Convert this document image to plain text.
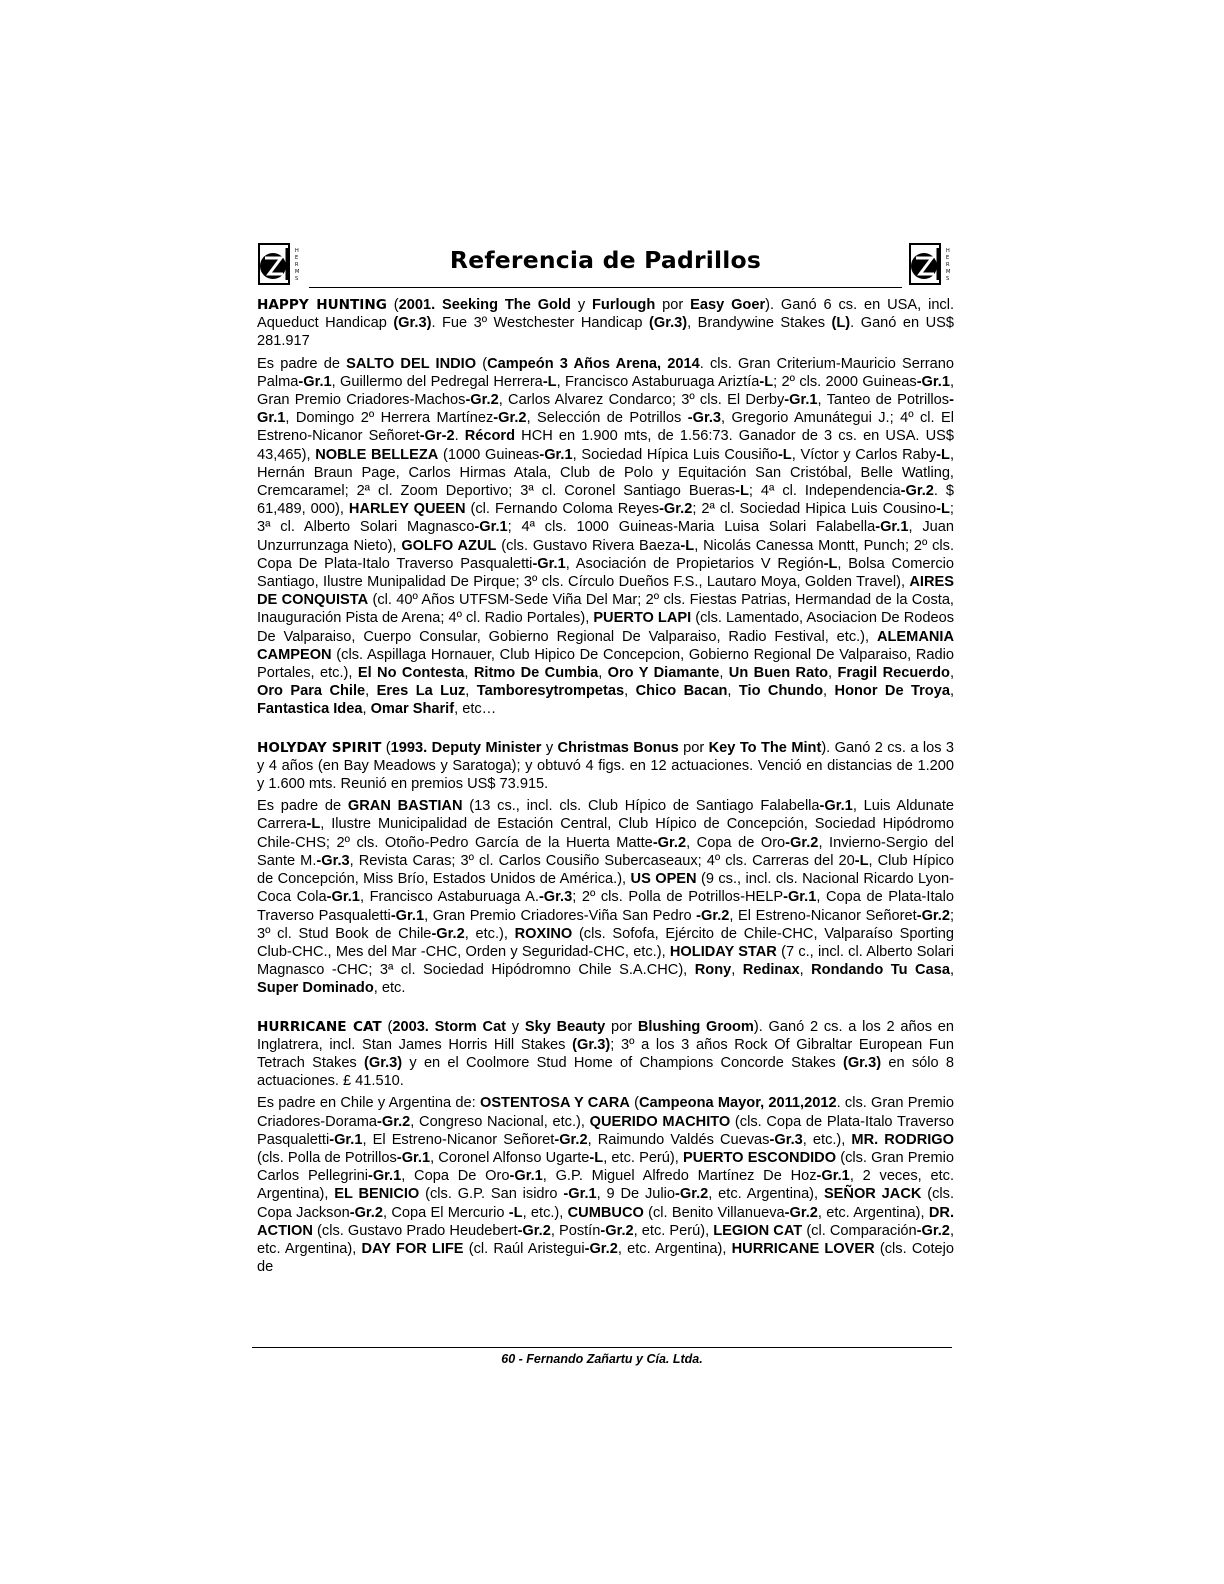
H
E
R
M
S
Referencia de Padrillos	H
E
R
M
S

HAPPY HUNTING (2001. Seeking The Gold y Furlough por Easy Goer). Ganó 6 cs. en USA, incl. Aqueduct Handicap (Gr.3). Fue 3º Westchester Handicap (Gr.3), Brandywine Stakes (L). Ganó en US$ 281.917

Es padre de SALTO DEL INDIO (Campeón 3 Años Arena, 2014. cls. Gran Criterium-Mauricio Serrano Palma-Gr.1, Guillermo del Pedregal Herrera-L, Francisco Astaburuaga Ariztía-L; 2º cls. 2000 Guineas-Gr.1, Gran Premio Criadores-Machos-Gr.2, Carlos Alvarez Condarco; 3º cls. El Derby-Gr.1, Tanteo de Potrillos-Gr.1, Domingo 2º Herrera Martínez-Gr.2, Selección de Potrillos -Gr.3, Gregorio Amunátegui J.; 4º cl. El Estreno-Nicanor Señoret-Gr-2. Récord HCH en 1.900 mts, de 1.56:73. Ganador de 3 cs. en USA. US$ 43,465), NOBLE BELLEZA (1000 Guineas-Gr.1, Sociedad Hípica Luis Cousiño-L, Víctor y Carlos Raby-L, Hernán Braun Page, Carlos Hirmas Atala, Club de Polo y Equitación San Cristóbal, Belle Watling, Cremcaramel; 2ª cl. Zoom Deportivo; 3ª cl. Coronel Santiago Bueras-L; 4ª cl. Independencia-Gr.2. $ 61,489, 000), HARLEY QUEEN (cl. Fernando Coloma Reyes-Gr.2; 2ª cl. Sociedad Hipica Luis Cousino-L; 3ª cl. Alberto Solari Magnasco-Gr.1; 4ª cls. 1000 Guineas-Maria Luisa Solari Falabella-Gr.1, Juan Unzurrunzaga Nieto), GOLFO AZUL (cls. Gustavo Rivera Baeza-L, Nicolás Canessa Montt, Punch; 2º cls. Copa De Plata-Italo Traverso Pasqualetti-Gr.1, Asociación de Propietarios V Región-L, Bolsa Comercio Santiago, Ilustre Munipalidad De Pirque; 3º cls. Círculo Dueños F.S., Lautaro Moya, Golden Travel), AIRES DE CONQUISTA (cl. 40º Años UTFSM-Sede Viña Del Mar; 2º cls. Fiestas Patrias, Hermandad de la Costa, Inauguración Pista de Arena; 4º cl. Radio Portales), PUERTO LAPI (cls. Lamentado, Asociacion De Rodeos De Valparaiso, Cuerpo Consular, Gobierno Regional De Valparaiso, Radio Festival, etc.), ALEMANIA CAMPEON (cls. Aspillaga Hornauer, Club Hipico De Concepcion, Gobierno Regional De Valparaiso, Radio Portales, etc.), El No Contesta, Ritmo De Cumbia, Oro Y Diamante, Un Buen Rato, Fragil Recuerdo, Oro Para Chile, Eres La Luz, Tamboresytrompetas, Chico Bacan, Tio Chundo, Honor De Troya, Fantastica Idea, Omar Sharif, etc…

HOLYDAY SPIRIT (1993. Deputy Minister y Christmas Bonus por Key To The Mint). Ganó 2 cs. a los 3 y 4 años (en Bay Meadows y Saratoga); y obtuvó 4 figs. en 12 actuaciones. Venció en distancias de 1.200 y 1.600 mts. Reunió en premios US$ 73.915.

Es padre de GRAN BASTIAN (13 cs., incl. cls. Club Hípico de Santiago Falabella-Gr.1, Luis Aldunate Carrera-L, Ilustre Municipalidad de Estación Central, Club Hípico de Concepción, Sociedad Hipódromo Chile-CHS; 2º cls. Otoño-Pedro García de la Huerta Matte-Gr.2, Copa de Oro-Gr.2, Invierno-Sergio del Sante M.-Gr.3, Revista Caras; 3º cl. Carlos Cousiño Subercaseaux; 4º cls. Carreras del 20-L, Club Hípico de Concepción, Miss Brío, Estados Unidos de América.), US OPEN (9 cs., incl. cls. Nacional Ricardo Lyon-Coca Cola-Gr.1, Francisco Astaburuaga A.-Gr.3; 2º cls. Polla de Potrillos-HELP-Gr.1, Copa de Plata-Italo Traverso Pasqualetti-Gr.1, Gran Premio Criadores-Viña San Pedro -Gr.2, El Estreno-Nicanor Señoret-Gr.2; 3º cl. Stud Book de Chile-Gr.2, etc.), ROXINO (cls. Sofofa, Ejército de Chile-CHC, Valparaíso Sporting Club-CHC., Mes del Mar -CHC, Orden y Seguridad-CHC, etc.), HOLIDAY STAR (7 c., incl. cl. Alberto Solari Magnasco -CHC; 3ª cl. Sociedad Hipódromno Chile S.A.CHC), Rony, Redinax, Rondando Tu Casa, Super Dominado, etc.

HURRICANE CAT (2003. Storm Cat y Sky Beauty por Blushing Groom). Ganó 2 cs. a los 2 años en Inglatrera, incl. Stan James Horris Hill Stakes (Gr.3); 3º a los 3 años Rock Of Gibraltar European Fun Tetrach Stakes (Gr.3) y en el Coolmore Stud Home of Champions Concorde Stakes (Gr.3) en sólo 8 actuaciones. £ 41.510.

Es padre en Chile y Argentina de: OSTENTOSA Y CARA (Campeona Mayor, 2011,2012. cls. Gran Premio Criadores-Dorama-Gr.2, Congreso Nacional, etc.), QUERIDO MACHITO (cls. Copa de Plata-Italo Traverso Pasqualetti-Gr.1, El Estreno-Nicanor Señoret-Gr.2, Raimundo Valdés Cuevas-Gr.3, etc.), MR. RODRIGO (cls. Polla de Potrillos-Gr.1, Coronel Alfonso Ugarte-L, etc. Perú), PUERTO ESCONDIDO (cls. Gran Premio Carlos Pellegrini-Gr.1, Copa De Oro-Gr.1, G.P. Miguel Alfredo Martínez De Hoz-Gr.1, 2 veces, etc. Argentina), EL BENICIO (cls. G.P. San isidro -Gr.1, 9 De Julio-Gr.2, etc. Argentina), SEÑOR JACK (cls. Copa Jackson-Gr.2, Copa El Mercurio -L, etc.), CUMBUCO (cl. Benito Villanueva-Gr.2, etc. Argentina), DR. ACTION (cls. Gustavo Prado Heudebert-Gr.2, Postín-Gr.2, etc. Perú), LEGION CAT (cl. Comparación-Gr.2, etc. Argentina), DAY FOR LIFE (cl. Raúl Aristegui-Gr.2, etc. Argentina), HURRICANE LOVER (cls. Cotejo de

60 - Fernando Zañartu y Cía. Ltda.
